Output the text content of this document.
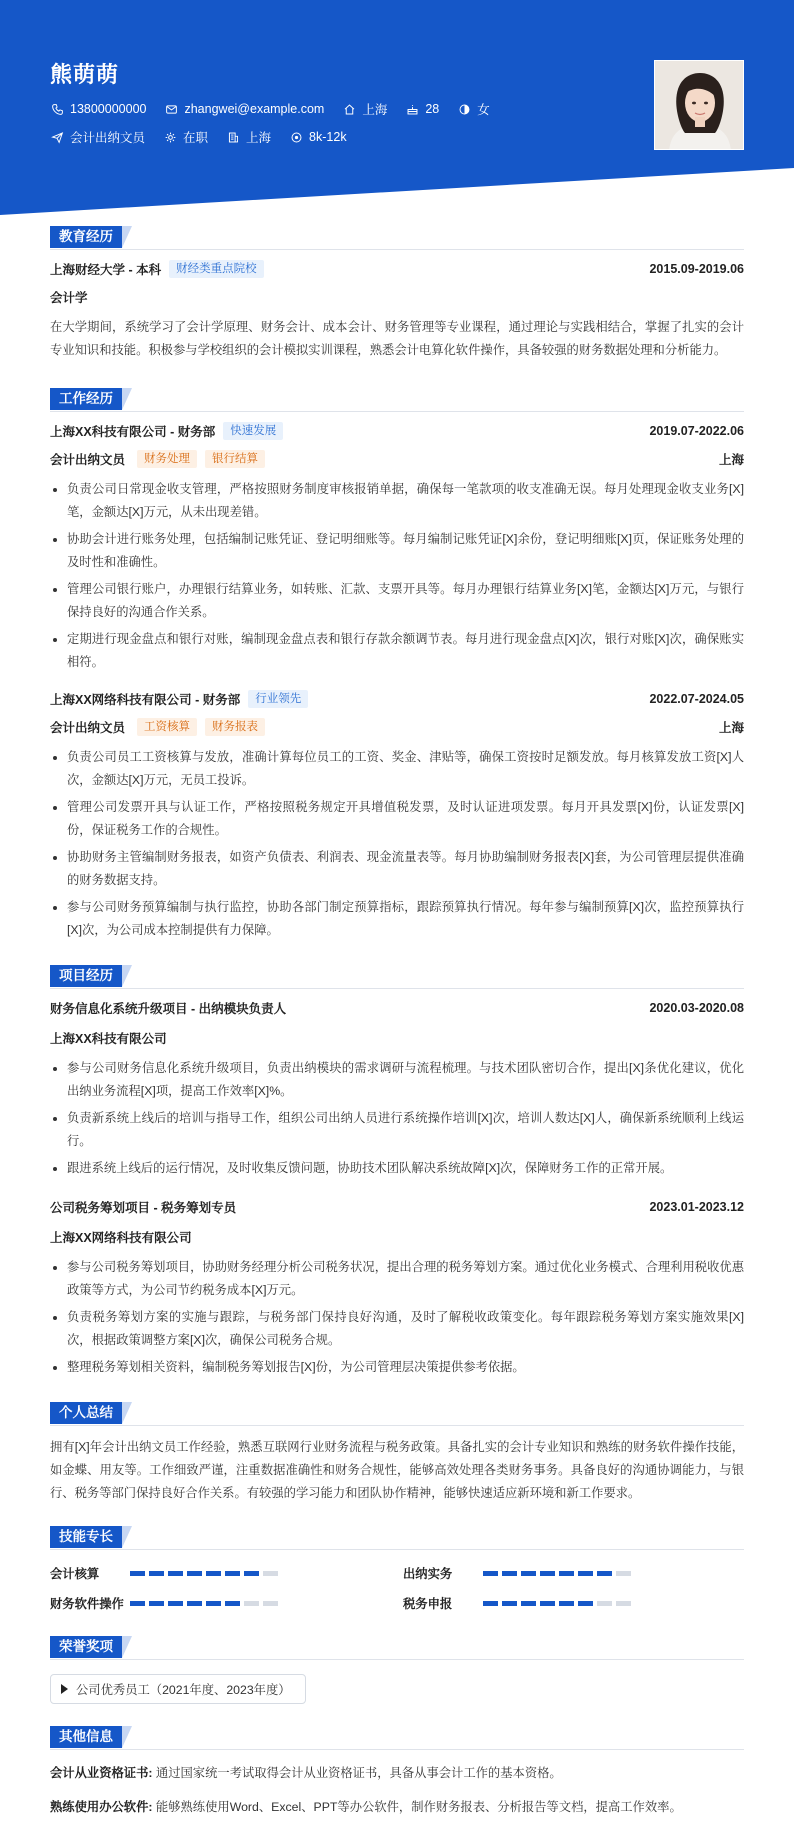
熊萌萌
13800000000	zhangwei@example.com	上海	28	女
会计出纳文员	在职	上海	8k-12k
教育经历
上海财经大学 - 本科	财经类重点院校	2015.09-2019.06
会计学
在大学期间，系统学习了会计学原理、财务会计、成本会计、财务管理等专业课程，通过理论与实践相结合，掌握了扎实的会计专业知识和技能。积极参与学校组织的会计模拟实训课程，熟悉会计电算化软件操作，具备较强的财务数据处理和分析能力。
工作经历
上海XX科技有限公司 - 财务部	快速发展	2019.07-2022.06
会计出纳文员	财务处理	银行结算	上海
负责公司日常现金收支管理，严格按照财务制度审核报销单据，确保每一笔款项的收支准确无误。每月处理现金收支业务[X]笔，金额达[X]万元，从未出现差错。
协助会计进行账务处理，包括编制记账凭证、登记明细账等。每月编制记账凭证[X]余份，登记明细账[X]页，保证账务处理的及时性和准确性。
管理公司银行账户，办理银行结算业务，如转账、汇款、支票开具等。每月办理银行结算业务[X]笔，金额达[X]万元，与银行保持良好的沟通合作关系。
定期进行现金盘点和银行对账，编制现金盘点表和银行存款余额调节表。每月进行现金盘点[X]次，银行对账[X]次，确保账实相符。
上海XX网络科技有限公司 - 财务部	行业领先	2022.07-2024.05
会计出纳文员	工资核算	财务报表	上海
负责公司员工工资核算与发放，准确计算每位员工的工资、奖金、津贴等，确保工资按时足额发放。每月核算发放工资[X]人次，金额达[X]万元，无员工投诉。
管理公司发票开具与认证工作，严格按照税务规定开具增值税发票，及时认证进项发票。每月开具发票[X]份，认证发票[X]份，保证税务工作的合规性。
协助财务主管编制财务报表，如资产负债表、利润表、现金流量表等。每月协助编制财务报表[X]套，为公司管理层提供准确的财务数据支持。
参与公司财务预算编制与执行监控，协助各部门制定预算指标，跟踪预算执行情况。每年参与编制预算[X]次，监控预算执行[X]次，为公司成本控制提供有力保障。
项目经历
财务信息化系统升级项目 - 出纳模块负责人	2020.03-2020.08
上海XX科技有限公司
参与公司财务信息化系统升级项目，负责出纳模块的需求调研与流程梳理。与技术团队密切合作，提出[X]条优化建议，优化出纳业务流程[X]项，提高工作效率[X]%。
负责新系统上线后的培训与指导工作，组织公司出纳人员进行系统操作培训[X]次，培训人数达[X]人，确保新系统顺利上线运行。
跟进系统上线后的运行情况，及时收集反馈问题，协助技术团队解决系统故障[X]次，保障财务工作的正常开展。
公司税务筹划项目 - 税务筹划专员	2023.01-2023.12
上海XX网络科技有限公司
参与公司税务筹划项目，协助财务经理分析公司税务状况，提出合理的税务筹划方案。通过优化业务模式、合理利用税收优惠政策等方式，为公司节约税务成本[X]万元。
负责税务筹划方案的实施与跟踪，与税务部门保持良好沟通，及时了解税收政策变化。每年跟踪税务筹划方案实施效果[X]次，根据政策调整方案[X]次，确保公司税务合规。
整理税务筹划相关资料，编制税务筹划报告[X]份，为公司管理层决策提供参考依据。
个人总结
拥有[X]年会计出纳文员工作经验，熟悉互联网行业财务流程与税务政策。具备扎实的会计专业知识和熟练的财务软件操作技能，如金蝶、用友等。工作细致严谨，注重数据准确性和财务合规性，能够高效处理各类财务事务。具备良好的沟通协调能力，与银行、税务等部门保持良好合作关系。有较强的学习能力和团队协作精神，能够快速适应新环境和新工作要求。
技能专长
会计核算	出纳实务
财务软件操作	税务申报
荣誉奖项
公司优秀员工（2021年度、2023年度）
其他信息
会计从业资格证书: 通过国家统一考试取得会计从业资格证书，具备从事会计工作的基本资格。
熟练使用办公软件: 能够熟练使用Word、Excel、PPT等办公软件，制作财务报表、分析报告等文档，提高工作效率。
